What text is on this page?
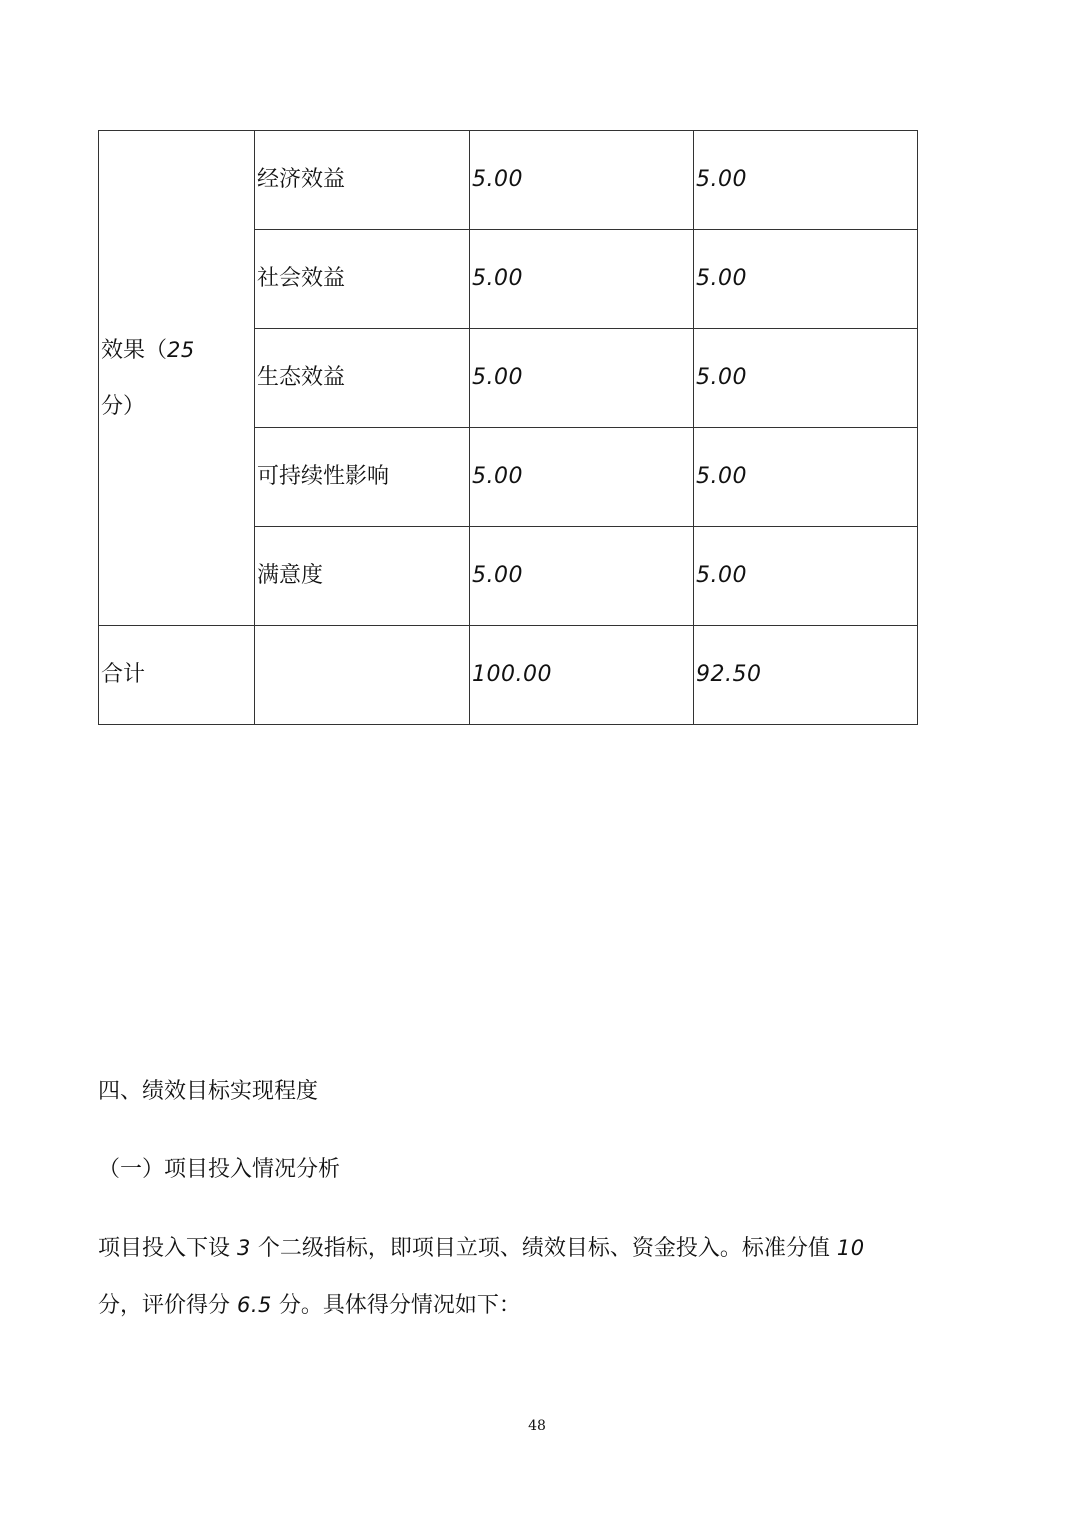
效果（25
分）	经济效益	5.00	5.00
	社会效益	5.00	5.00
	生态效益	5.00	5.00
	可持续性影响	5.00	5.00
	满意度	5.00	5.00
合计		100.00	92.50
四、绩效目标实现程度
（一）项目投入情况分析
项目投入下设 3 个二级指标，即项目立项、绩效目标、资金投入。标准分值 10
分，评价得分 6.5 分。具体得分情况如下：
48
